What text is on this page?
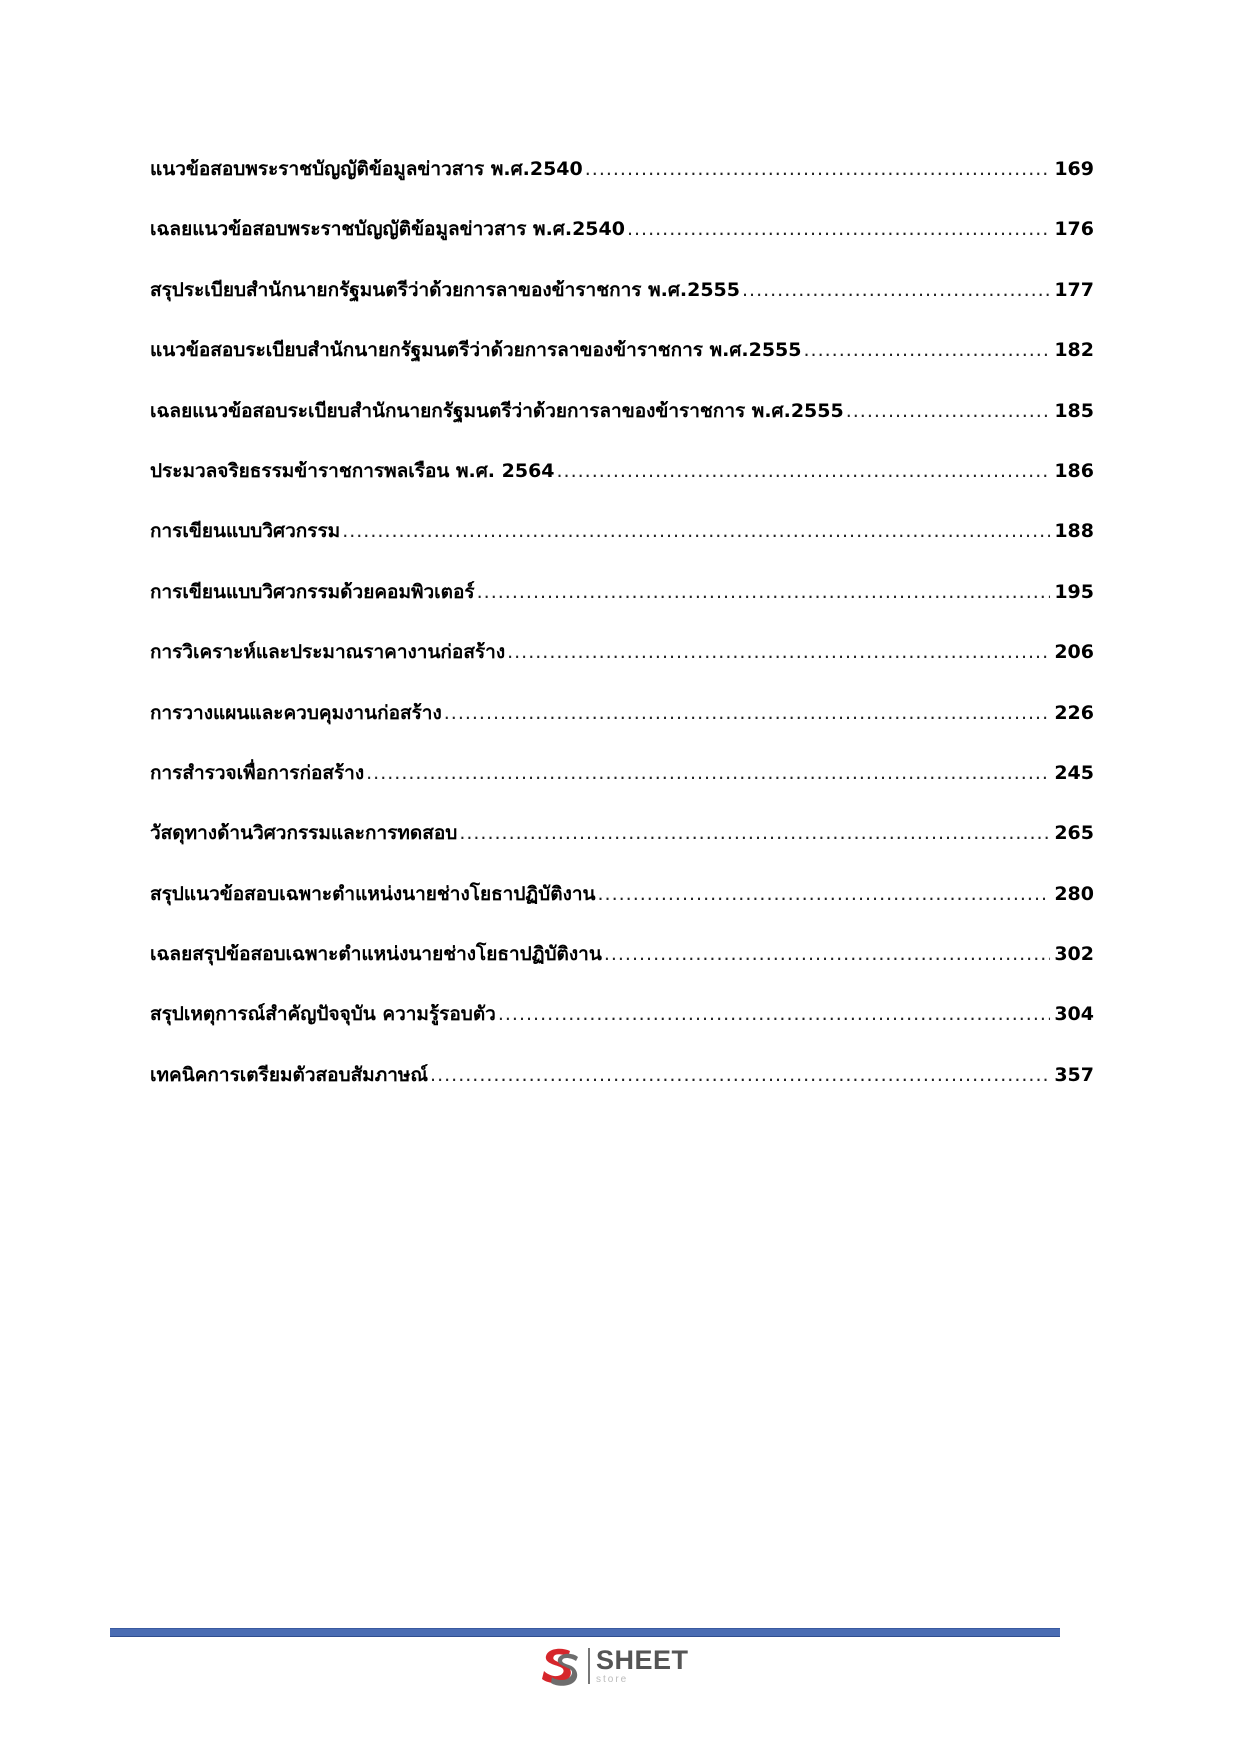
แนวข้อสอบพระราชบัญญัติข้อมูลข่าวสาร พ.ศ.2540 .....	169
เฉลยแนวข้อสอบพระราชบัญญัติข้อมูลข่าวสาร พ.ศ.2540 .....	176
สรุประเบียบสำนักนายกรัฐมนตรีว่าด้วยการลาของข้าราชการ พ.ศ.2555 .....	177
แนวข้อสอบระเบียบสำนักนายกรัฐมนตรีว่าด้วยการลาของข้าราชการ พ.ศ.2555 .....	182
เฉลยแนวข้อสอบระเบียบสำนักนายกรัฐมนตรีว่าด้วยการลาของข้าราชการ พ.ศ.2555 .....	185
ประมวลจริยธรรมข้าราชการพลเรือน พ.ศ. 2564 .....	186
การเขียนแบบวิศวกรรม .....	188
การเขียนแบบวิศวกรรมด้วยคอมพิวเตอร์ .....	195
การวิเคราะห์และประมาณราคางานก่อสร้าง .....	206
การวางแผนและควบคุมงานก่อสร้าง .....	226
การสำรวจเพื่อการก่อสร้าง .....	245
วัสดุทางด้านวิศวกรรมและการทดสอบ .....	265
สรุปแนวข้อสอบเฉพาะตำแหน่งนายช่างโยธาปฏิบัติงาน .....	280
เฉลยสรุปข้อสอบเฉพาะตำแหน่งนายช่างโยธาปฏิบัติงาน .....	302
สรุปเหตุการณ์สำคัญปัจจุบัน ความรู้รอบตัว .....	304
เทคนิคการเตรียมตัวสอบสัมภาษณ์ .....	357
SHEET
store
